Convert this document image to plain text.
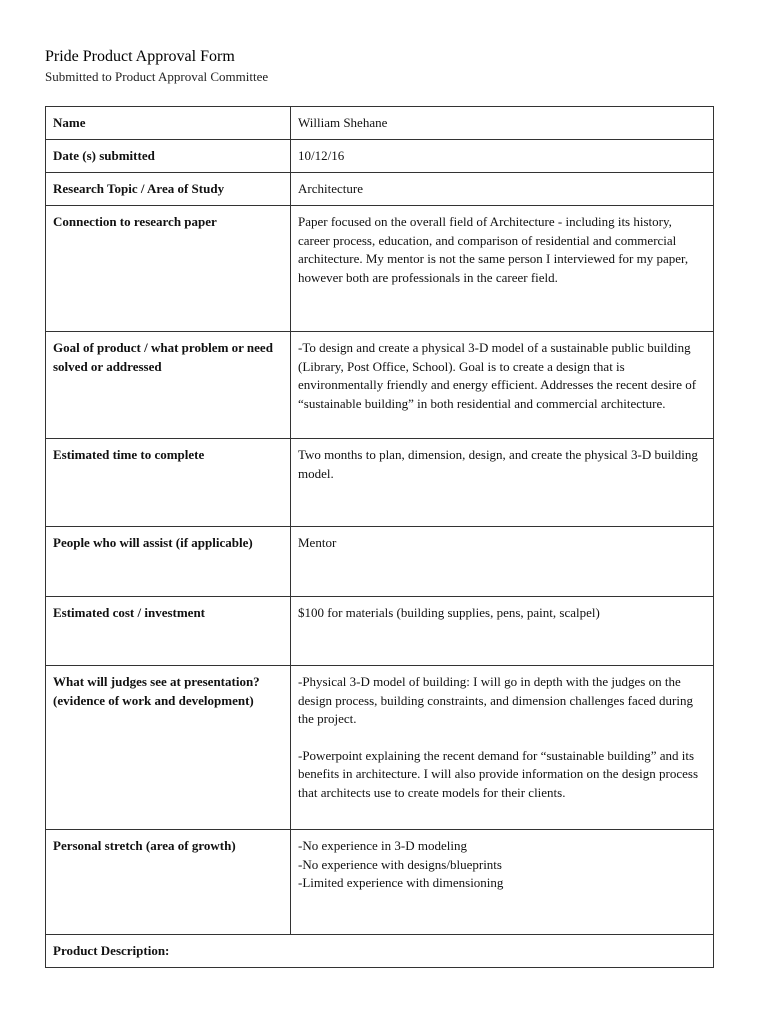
Pride Product Approval Form

Submitted to Product Approval Committee

Name	William Shehane
Date (s) submitted	10/12/16
Research Topic / Area of Study	Architecture
Connection to research paper	Paper focused on the overall field of Architecture - including its history, career process, education, and comparison of residential and commercial architecture. My mentor is not the same person I interviewed for my paper, however both are professionals in the career field.
Goal of product / what problem or need solved or addressed	-To design and create a physical 3-D model of a sustainable public building (Library, Post Office, School). Goal is to create a design that is environmentally friendly and energy efficient. Addresses the recent desire of “sustainable building” in both residential and commercial architecture.
Estimated time to complete	Two months to plan, dimension, design, and create the physical 3-D building model.
People who will assist (if applicable)	Mentor
Estimated cost / investment	$100 for materials (building supplies, pens, paint, scalpel)
What will judges see at presentation? (evidence of work and development)	-Physical 3-D model of building: I will go in depth with the judges on the design process, building constraints, and dimension challenges faced during the project.
-Powerpoint explaining the recent demand for “sustainable building” and its benefits in architecture. I will also provide information on the design process that architects use to create models for their clients.

Personal stretch (area of growth)	-No experience in 3-D modeling
-No experience with designs/blueprints
-Limited experience with dimensioning

Product Description:	
